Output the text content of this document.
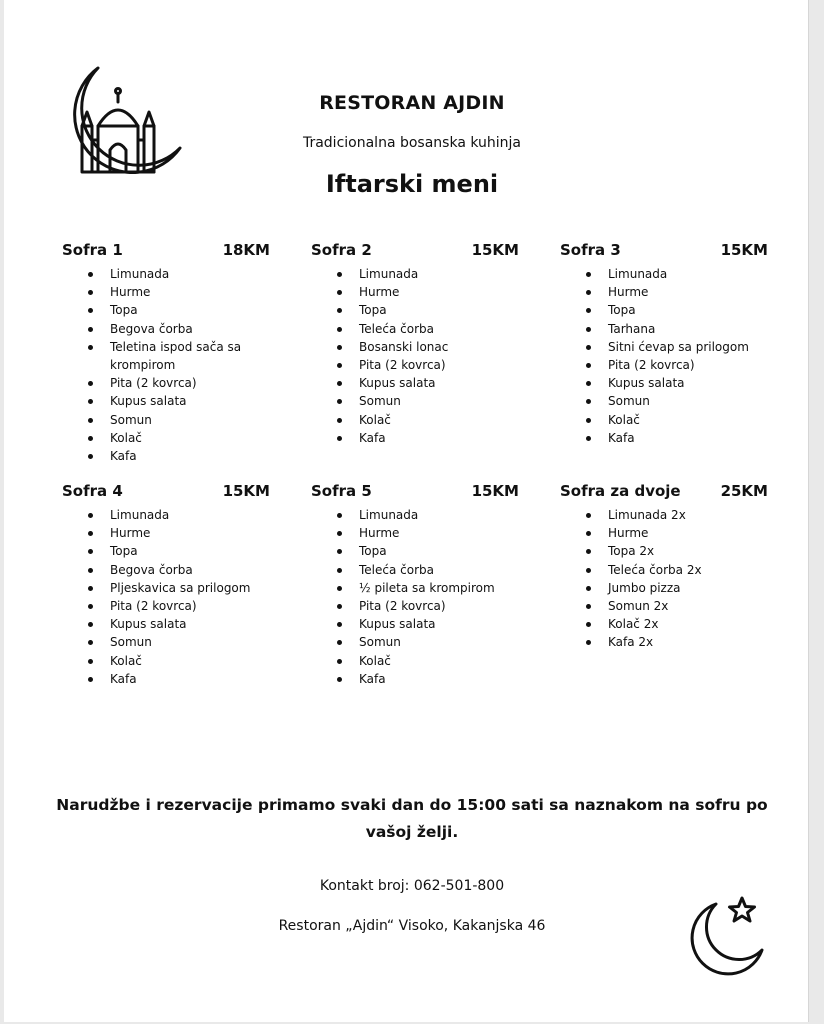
RESTORAN AJDIN
Tradicionalna bosanska kuhinja
Iftarski meni
Sofra 1	18KM
Limunada
Hurme
Topa
Begova čorba
Teletina ispod sača sa krompirom
Pita (2 kovrca)
Kupus salata
Somun
Kolač
Kafa
Sofra 2	15KM
Limunada
Hurme
Topa
Teleća čorba
Bosanski lonac
Pita (2 kovrca)
Kupus salata
Somun
Kolač
Kafa
Sofra 3	15KM
Limunada
Hurme
Topa
Tarhana
Sitni ćevap sa prilogom
Pita (2 kovrca)
Kupus salata
Somun
Kolač
Kafa
Sofra 4	15KM
Limunada
Hurme
Topa
Begova čorba
Pljeskavica sa prilogom
Pita (2 kovrca)
Kupus salata
Somun
Kolač
Kafa
Sofra 5	15KM
Limunada
Hurme
Topa
Teleća čorba
½ pileta sa krompirom
Pita (2 kovrca)
Kupus salata
Somun
Kolač
Kafa
Sofra za dvoje	25KM
Limunada 2x
Hurme
Topa 2x
Teleća čorba 2x
Jumbo pizza
Somun 2x
Kolač 2x
Kafa 2x
Narudžbe i rezervacije primamo svaki dan do 15:00 sati sa naznakom na sofru po vašoj želji.
Kontakt broj: 062-501-800
Restoran „Ajdin“ Visoko, Kakanjska 46
